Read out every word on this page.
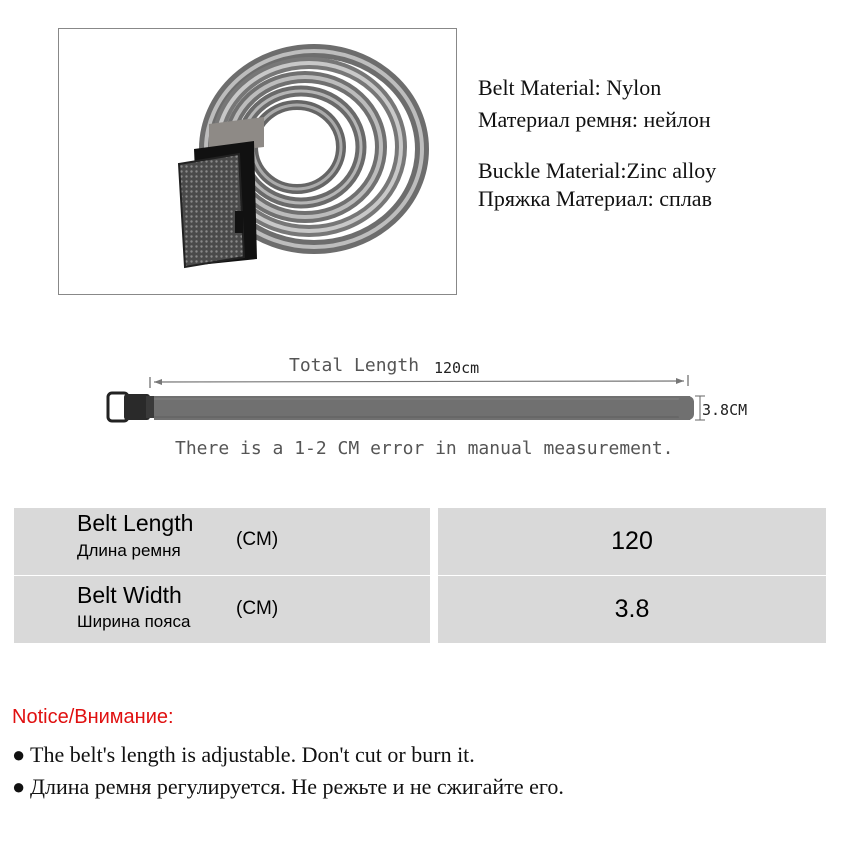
Belt Material: Nylon
Материал ремня: нейлон
Buckle Material:Zinc alloy
Пряжка Материал: сплав
Total Length 120cm
3.8CM
There is a 1-2 CM error in manual measurement.
Belt Length
Длина ремня
(CM)	120
Belt Width
Ширина пояса
(CM)	3.8
Notice/Внимание:
● The belt's length is adjustable. Don't cut or burn it.
● Длина ремня регулируется. Не режьте и не сжигайте его.
